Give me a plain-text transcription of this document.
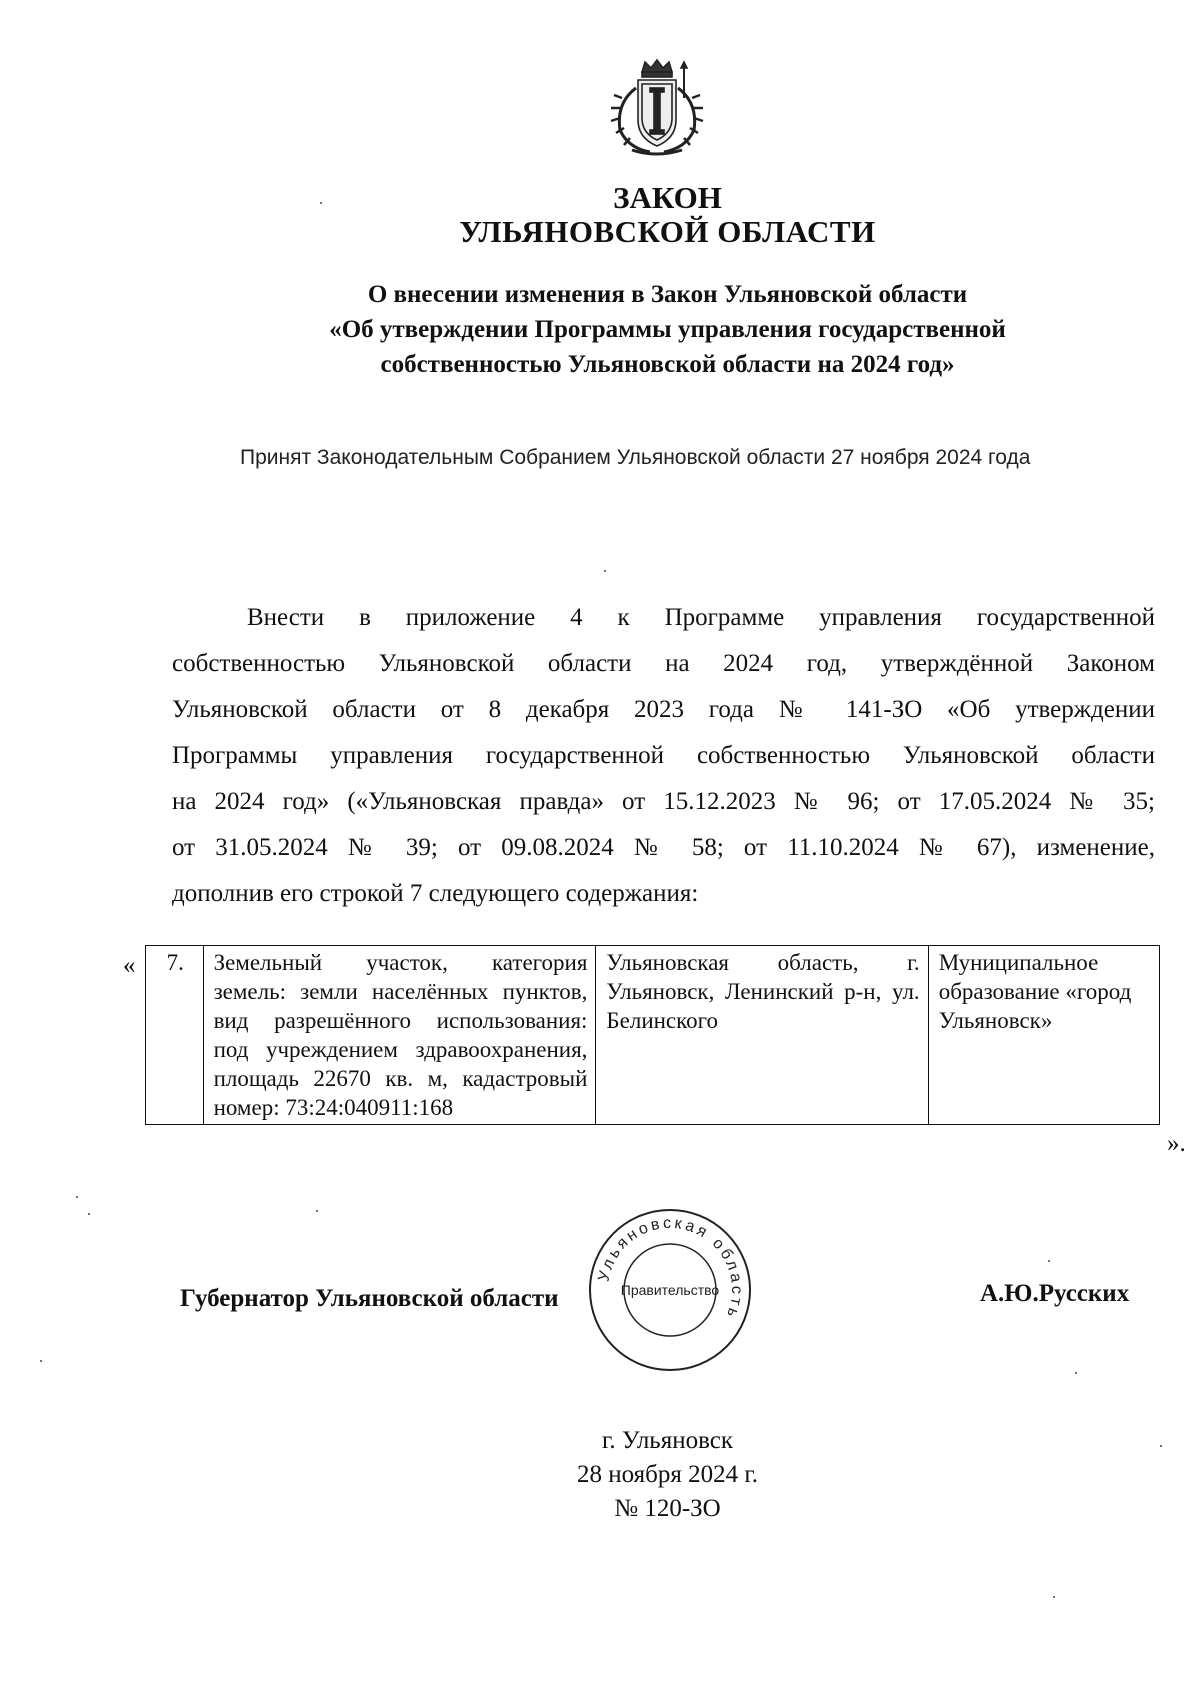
ЗАКОН
УЛЬЯНОВСКОЙ ОБЛАСТИ
О внесении изменения в Закон Ульяновской области
«Об утверждении Программы управления государственной
собственностью Ульяновской области на 2024 год»
Принят Законодательным Собранием Ульяновской области 27 ноября 2024 года
Внести в приложение 4 к Программе управления государственной
собственностью Ульяновской области на 2024 год, утверждённой Законом
Ульяновской области от 8 декабря 2023 года № 141-ЗО «Об утверждении
Программы управления государственной собственностью Ульяновской области
на 2024 год» («Ульяновская правда» от 15.12.2023 № 96; от 17.05.2024 № 35;
от 31.05.2024 № 39; от 09.08.2024 № 58; от 11.10.2024 № 67), изменение,
дополнив его строкой 7 следующего содержания:
« 7.	Земельный участок, категория земель: земли населённых пунктов, вид разрешённого использования: под учреждением здравоохранения, площадь 22670 кв. м, кадастровый номер: 73:24:040911:168	Ульяновская область, г. Ульяновск, Ленинский р-н, ул. Белинского	Муниципальное образование «город Ульяновск»
».
Губернатор Ульяновской области
Ульяновская область
Правительство	А.Ю.Русских
г. Ульяновск
28 ноября 2024 г.
№ 120-ЗО
